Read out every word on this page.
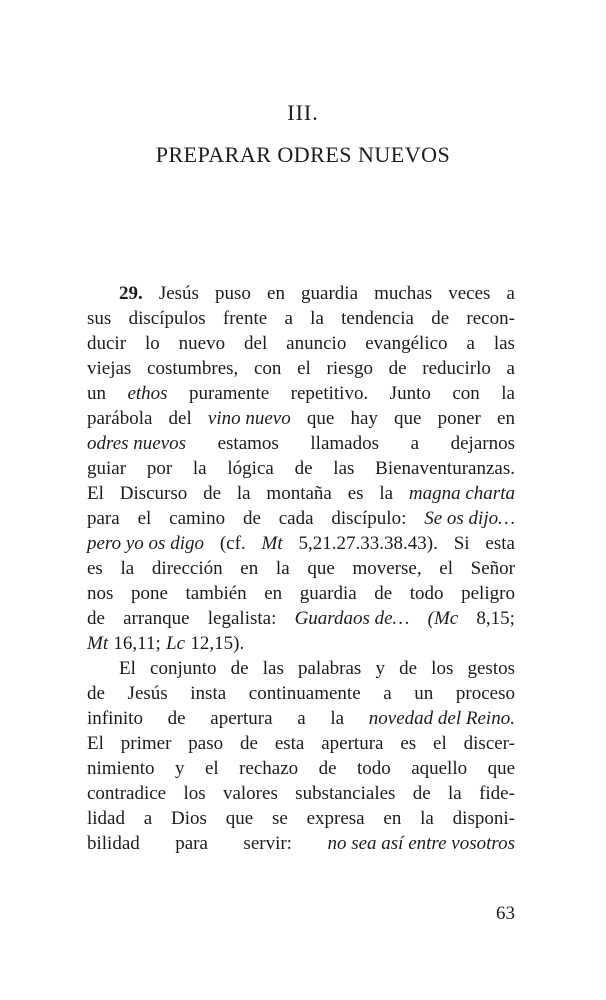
III.
PREPARAR ODRES NUEVOS
29. Jesús puso en guardia muchas veces a
sus discípulos frente a la tendencia de recon-
ducir lo nuevo del anuncio evangélico a las
viejas costumbres, con el riesgo de reducirlo a
un ethos puramente repetitivo. Junto con la
parábola del vino nuevo que hay que poner en
odres nuevos estamos llamados a dejarnos
guiar por la lógica de las Bienaventuranzas.
El Discurso de la montaña es la magna charta
para el camino de cada discípulo: Se os dijo…
pero yo os digo (cf. Mt 5,21.27.33.38.43). Si esta
es la dirección en la que moverse, el Señor
nos pone también en guardia de todo peligro
de arranque legalista: Guardaos de… (Mc 8,15;
Mt 16,11; Lc 12,15).
El conjunto de las palabras y de los gestos
de Jesús insta continuamente a un proceso
infinito de apertura a la novedad del Reino.
El primer paso de esta apertura es el discer-
nimiento y el rechazo de todo aquello que
contradice los valores substanciales de la fide-
lidad a Dios que se expresa en la disponi-
bilidad para servir: no sea así entre vosotros
63
